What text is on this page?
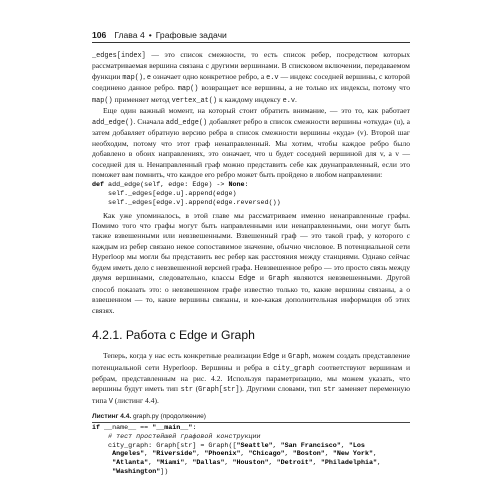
106 Глава 4 • Графовые задачи

_edges[index] — это список смежности, то есть список ребер, посредством которых рассматриваемая вершина связана с другими вершинами. В списковом включении, передаваемом функции map(), e означает одно конкретное ребро, а e.v — индекс соседней вершины, с которой соединено данное ребро. map() возвращает все вершины, а не только их индексы, потому что map() применяет метод vertex_at() к каждому индексу e.v.

Еще один важный момент, на который стоит обратить внимание, — это то, как работает add_edge(). Сначала add_edge() добавляет ребро в список смежности вершины «откуда» (u), а затем добавляет обратную версию ребра в список смежности вершины «куда» (v). Второй шаг необходим, потому что этот граф ненаправленный. Мы хотим, чтобы каждое ребро было добавлено в обоих направлениях, это означает, что u будет соседней вершиной для v, а v — соседней для u. Ненаправленный граф можно представить себе как двунаправленный, если это поможет вам помнить, что каждое его ребро может быть пройдено в любом направлении:

def add_edge(self, edge: Edge) -> None:
self._edges[edge.u].append(edge)
self._edges[edge.v].append(edge.reversed())

Как уже упоминалось, в этой главе мы рассматриваем именно ненаправленные графы. Помимо того что графы могут быть направленными или ненаправленными, они могут быть также взвешенными или невзвешенными. Взвешенный граф — это такой граф, у которого с каждым из ребер связано некое сопоставимое значение, обычно числовое. В потенциальной сети Hyperloop мы могли бы представить вес ребер как расстояния между станциями. Однако сейчас будем иметь дело с невзвешенной версией графа. Невзвешенное ребро — это просто связь между двумя вершинами, следовательно, классы Edge и Graph являются невзвешенными. Другой способ показать это: о невзвешенном графе известно только то, какие вершины связаны, а о взвешенном — то, какие вершины связаны, и кое-какая дополнительная информация об этих связях.

4.2.1. Работа с Edge и Graph

Теперь, когда у нас есть конкретные реализации Edge и Graph, можем создать представление потенциальной сети Hyperloop. Вершины и ребра в city_graph соответствуют вершинам и ребрам, представленным на рис. 4.2. Используя параметризацию, мы можем указать, что вершины будут иметь тип str (Graph[str]). Другими словами, тип str заменяет переменную типа V (листинг 4.4).

Листинг 4.4. graph.py (продолжение)
if __name__ == "__main__":
# тест простейшей графовой конструкции
city_graph: Graph[str] = Graph(["Seattle", "San Francisco", "Los
Angeles", "Riverside", "Phoenix", "Chicago", "Boston", "New York",
"Atlanta", "Miami", "Dallas", "Houston", "Detroit", "Philadelphia",
"Washington"])
